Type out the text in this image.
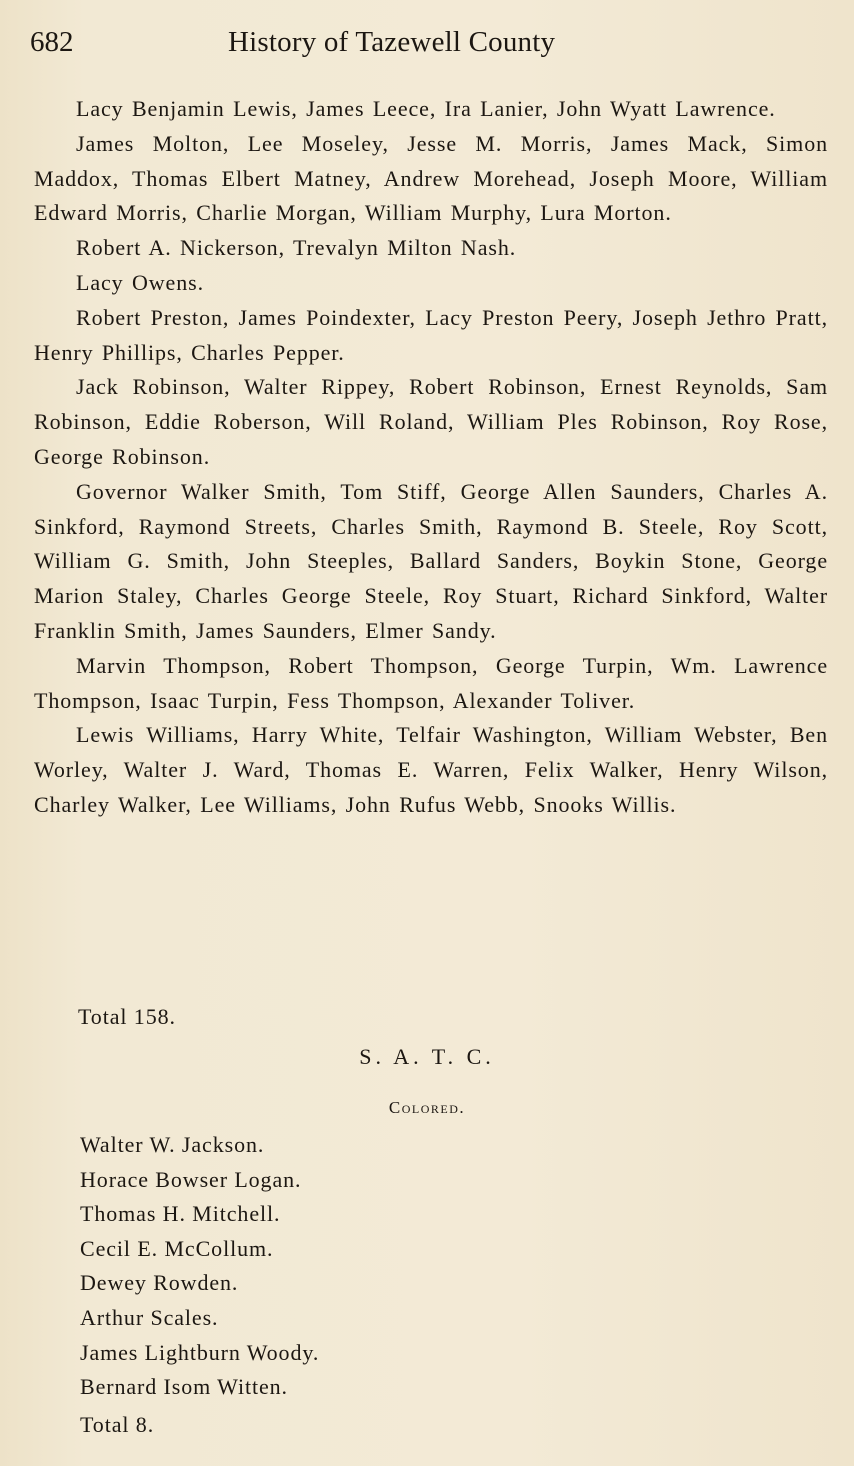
682	History of Tazewell County

Lacy Benjamin Lewis, James Leece, Ira Lanier, John Wyatt Lawrence.

James Molton, Lee Moseley, Jesse M. Morris, James Mack, Simon Maddox, Thomas Elbert Matney, Andrew Morehead, Joseph Moore, William Edward Morris, Charlie Morgan, William Murphy, Lura Morton.

Robert A. Nickerson, Trevalyn Milton Nash.

Lacy Owens.

Robert Preston, James Poindexter, Lacy Preston Peery, Joseph Jethro Pratt, Henry Phillips, Charles Pepper.

Jack Robinson, Walter Rippey, Robert Robinson, Ernest Reynolds, Sam Robinson, Eddie Roberson, Will Roland, William Ples Robinson, Roy Rose, George Robinson.

Governor Walker Smith, Tom Stiff, George Allen Saunders, Charles A. Sinkford, Raymond Streets, Charles Smith, Raymond B. Steele, Roy Scott, William G. Smith, John Steeples, Ballard Sanders, Boykin Stone, George Marion Staley, Charles George Steele, Roy Stuart, Richard Sinkford, Walter Franklin Smith, James Saunders, Elmer Sandy.

Marvin Thompson, Robert Thompson, George Turpin, Wm. Lawrence Thompson, Isaac Turpin, Fess Thompson, Alexander Toliver.

Lewis Williams, Harry White, Telfair Washington, William Webster, Ben Worley, Walter J. Ward, Thomas E. Warren, Felix Walker, Henry Wilson, Charley Walker, Lee Williams, John Rufus Webb, Snooks Willis.

Total 158.
S. A. T. C.
Colored.
Walter W. Jackson.
Horace Bowser Logan.
Thomas H. Mitchell.
Cecil E. McCollum.
Dewey Rowden.
Arthur Scales.
James Lightburn Woody.
Bernard Isom Witten.
Total 8.
